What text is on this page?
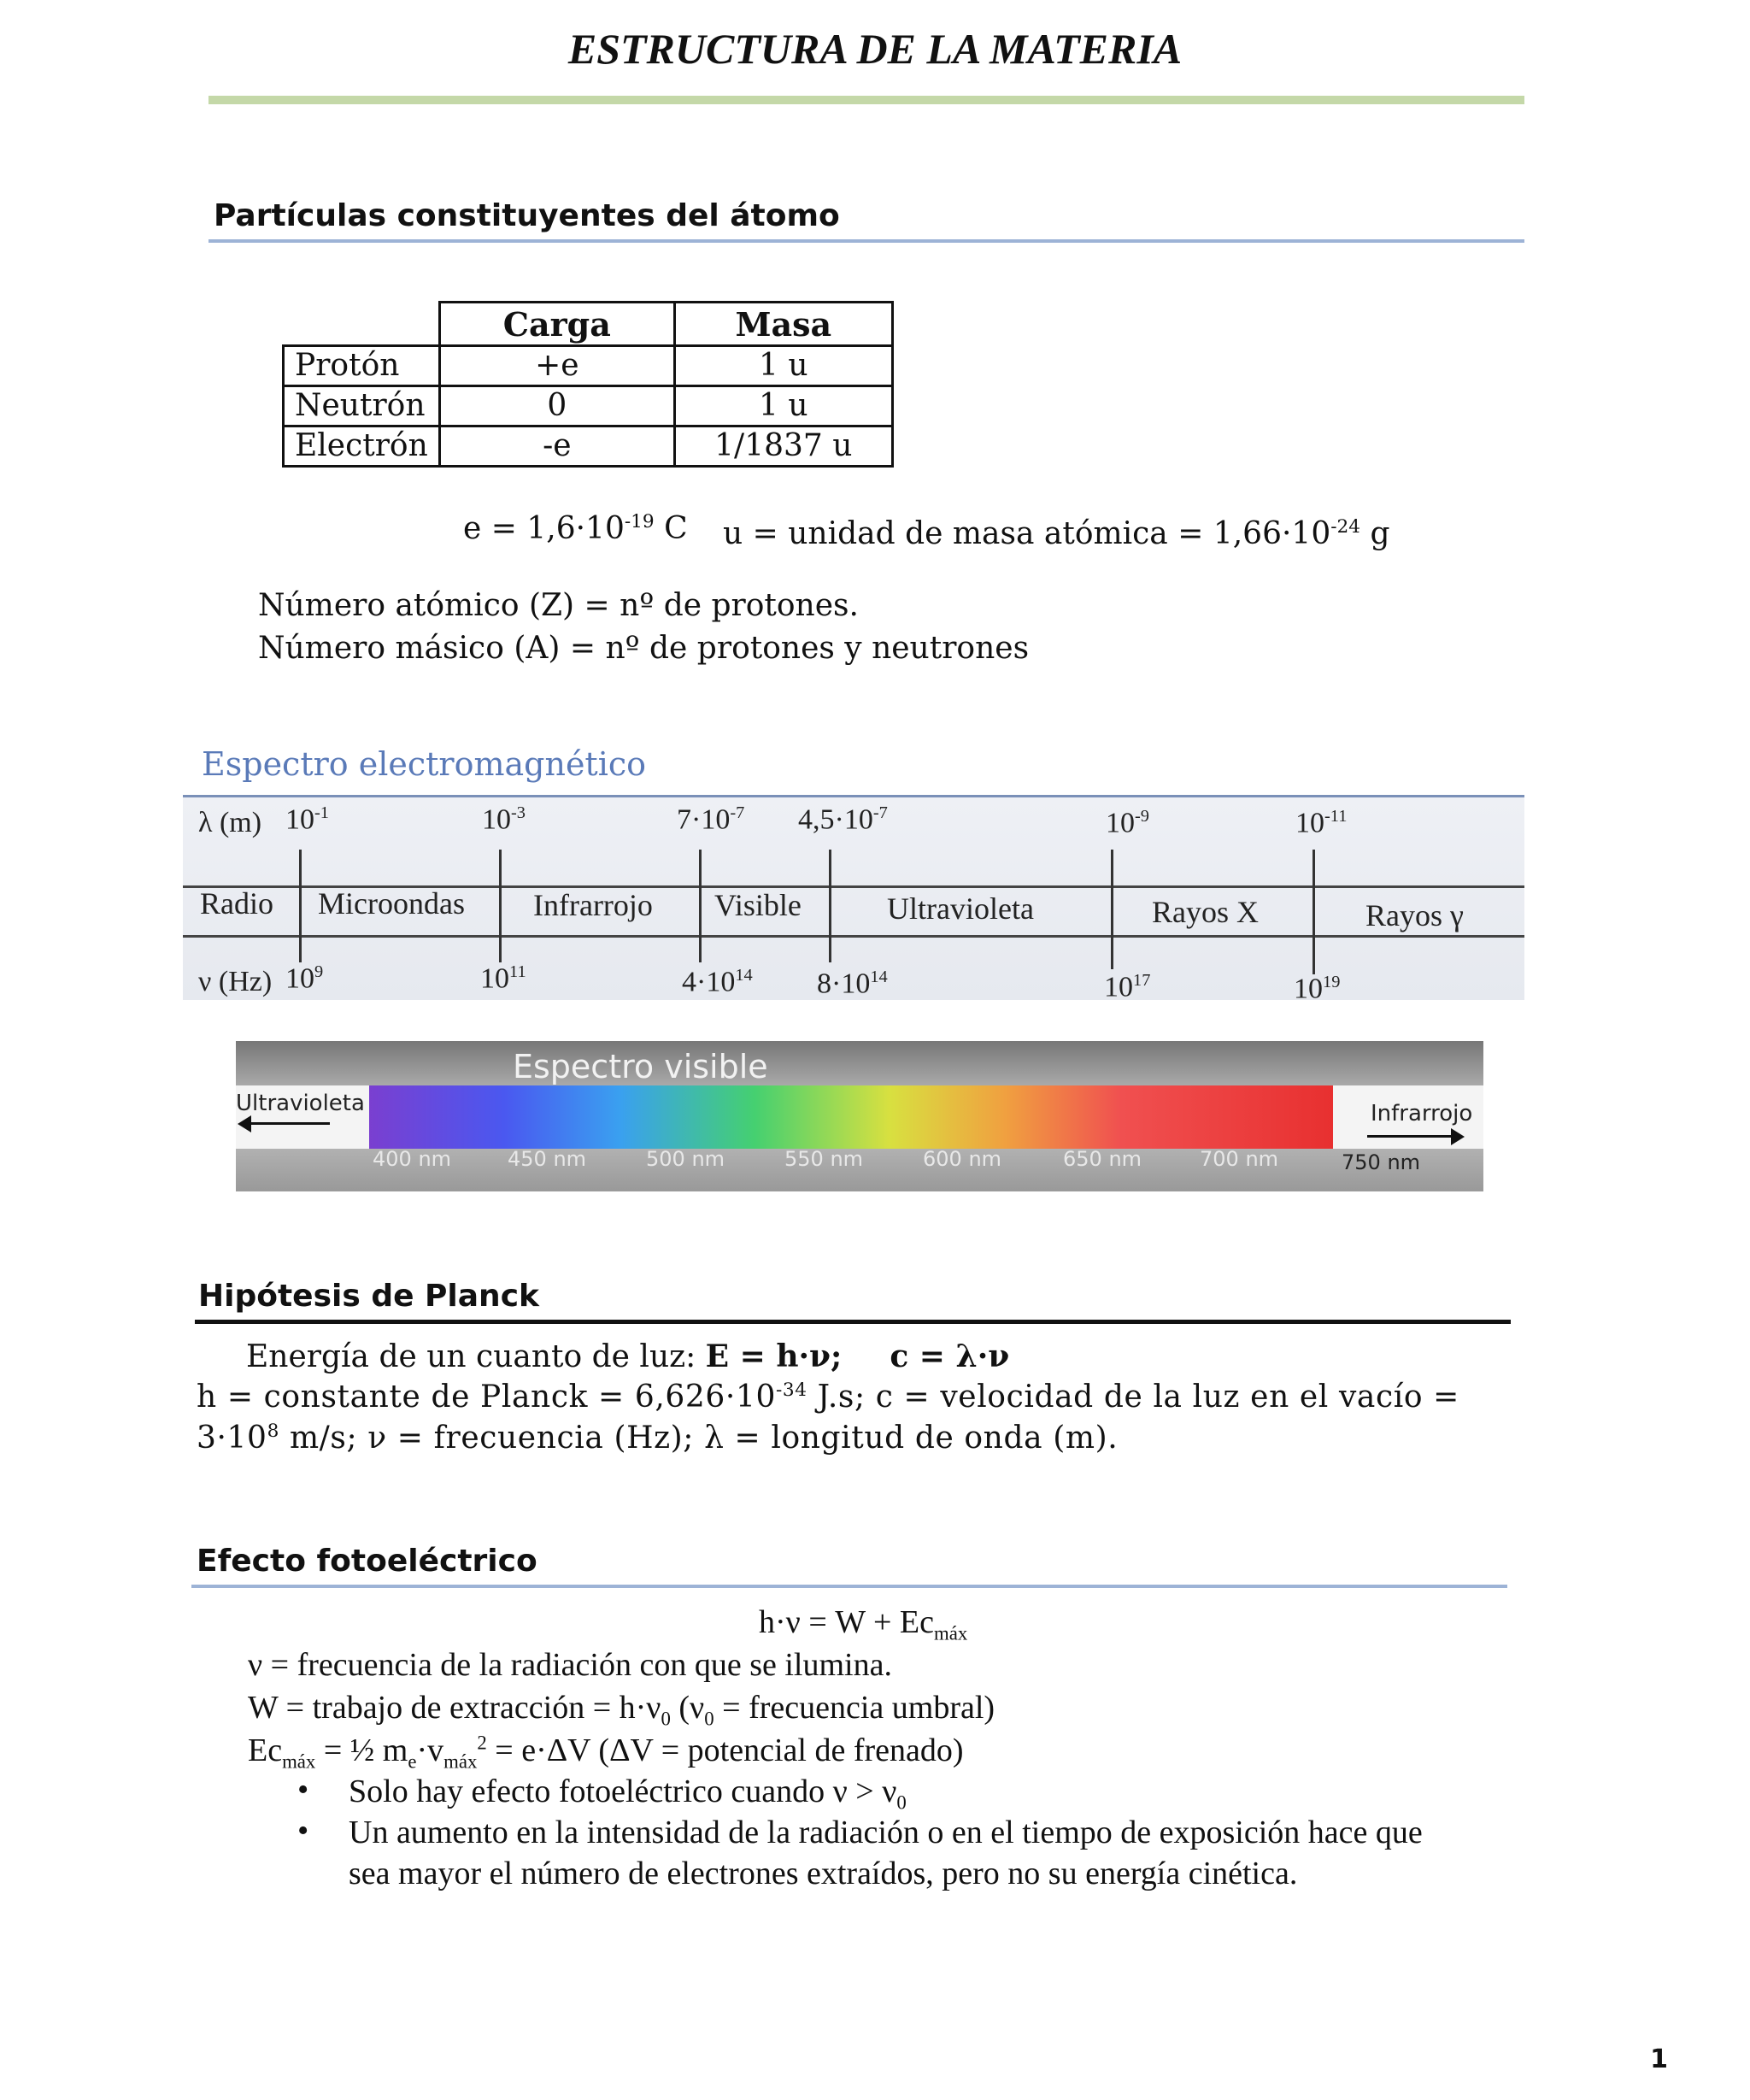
ESTRUCTURA DE LA MATERIA
Partículas constituyentes del átomo
	Carga	Masa
Protón	+e	1 u
Neutrón	0	1 u
Electrón	-e	1/1837 u
$e = 1,6\cdot 10^{-19}$ C u = unidad de masa atómica = $1,66\cdot 10^{-24}$ g
Número atómico (Z) = nº de protones.
Número másico (A) = nº de protones y neutrones
Espectro electromagnético
λ (m)
ν (Hz)
$10^{-1}$	$10^{-3}$	$7\cdot 10^{-7}$ $4,5\cdot 10^{-7}$	$10^{-9}$	$10^{-11}$
Radio Microondas Infrarrojo Visible	Ultravioleta	Rayos X	Rayos γ
$10^9$	$10^{11}$	$4\cdot 10^{14}$ $8\cdot 10^{14}$	$10^{17}$	$10^{19}$
Espectro visible
Ultravioleta	Infrarrojo
400 nm	450 nm	500 nm	550 nm	600 nm	650 nm	700 nm	750 nm
Hipótesis de Planck
Energía de un cuanto de luz: E = h·ν; c = λ·ν
h = constante de Planck = $6,626\cdot 10^{-34}$ J.s; c = velocidad de la luz en el vacío =
$3\cdot 10^8$ m/s; ν = frecuencia (Hz); λ = longitud de onda (m).
Efecto fotoeléctrico
$h\cdot\nu = W + Ec_{máx}$
ν = frecuencia de la radiación con que se ilumina.
W = trabajo de extracción = $h\cdot\nu_0$ ($\nu_0$ = frecuencia umbral)
$Ec_{máx}$ = ½ $m_e\cdot v_{máx}^2 = e\cdot\Delta V$ (ΔV = potencial de frenado)
• Solo hay efecto fotoeléctrico cuando $\nu > \nu_0$
• Un aumento en la intensidad de la radiación o en el tiempo de exposición hace que
sea mayor el número de electrones extraídos, pero no su energía cinética.
1
